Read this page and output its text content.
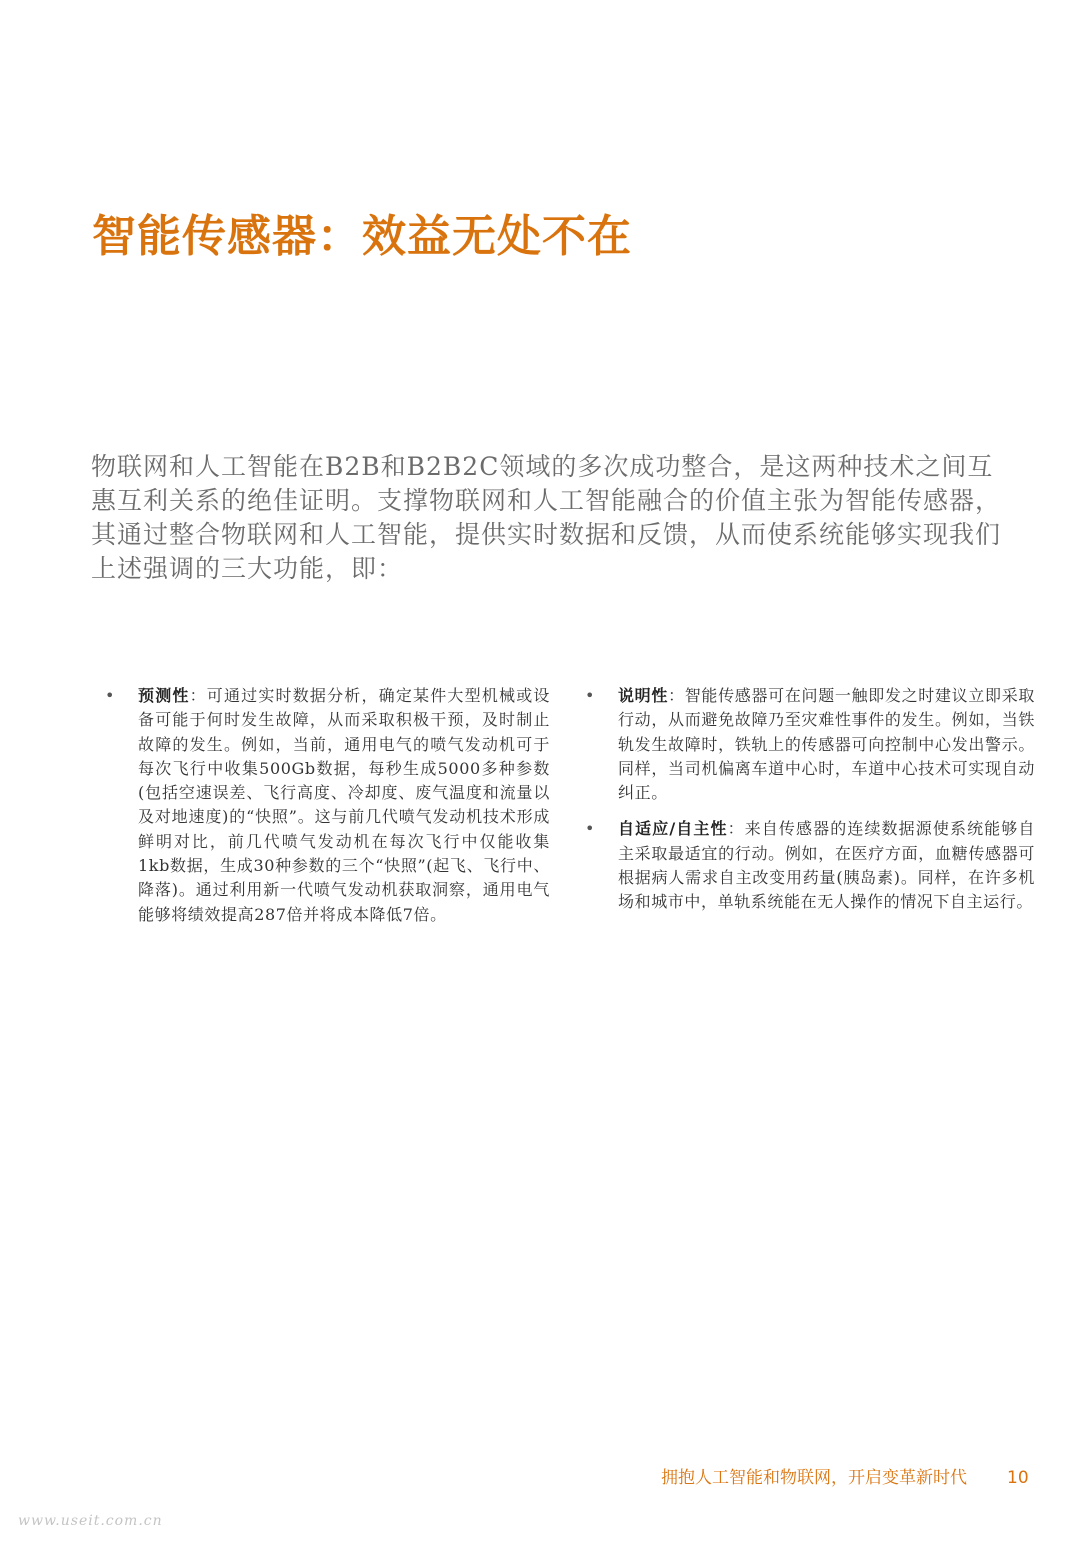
智能传感器：效益无处不在

物联网和人工智能在B2B和B2B2C领域的多次成功整合，是这两种技术之间互惠互利关系的绝佳证明。支撑物联网和人工智能融合的价值主张为智能传感器，其通过整合物联网和人工智能，提供实时数据和反馈，从而使系统能够实现我们上述强调的三大功能，即：

• 预测性：可通过实时数据分析，确定某件大型机械或设备可能于何时发生故障，从而采取积极干预，及时制止故障的发生。例如，当前，通用电气的喷气发动机可于每次飞行中收集500Gb数据，每秒生成5000多种参数(包括空速误差、飞行高度、冷却度、废气温度和流量以及对地速度)的“快照”。这与前几代喷气发动机技术形成鲜明对比，前几代喷气发动机在每次飞行中仅能收集1kb数据，生成30种参数的三个“快照”(起飞、飞行中、降落)。通过利用新一代喷气发动机获取洞察，通用电气能够将绩效提高287倍并将成本降低7倍。
• 说明性：智能传感器可在问题一触即发之时建议立即采取行动，从而避免故障乃至灾难性事件的发生。例如，当铁轨发生故障时，铁轨上的传感器可向控制中心发出警示。同样，当司机偏离车道中心时，车道中心技术可实现自动纠正。
• 自适应/自主性：来自传感器的连续数据源使系统能够自主采取最适宜的行动。例如，在医疗方面，血糖传感器可根据病人需求自主改变用药量(胰岛素)。同样，在许多机场和城市中，单轨系统能在无人操作的情况下自主运行。
拥抱人工智能和物联网，开启变革新时代 10
www.useit.com.cn
